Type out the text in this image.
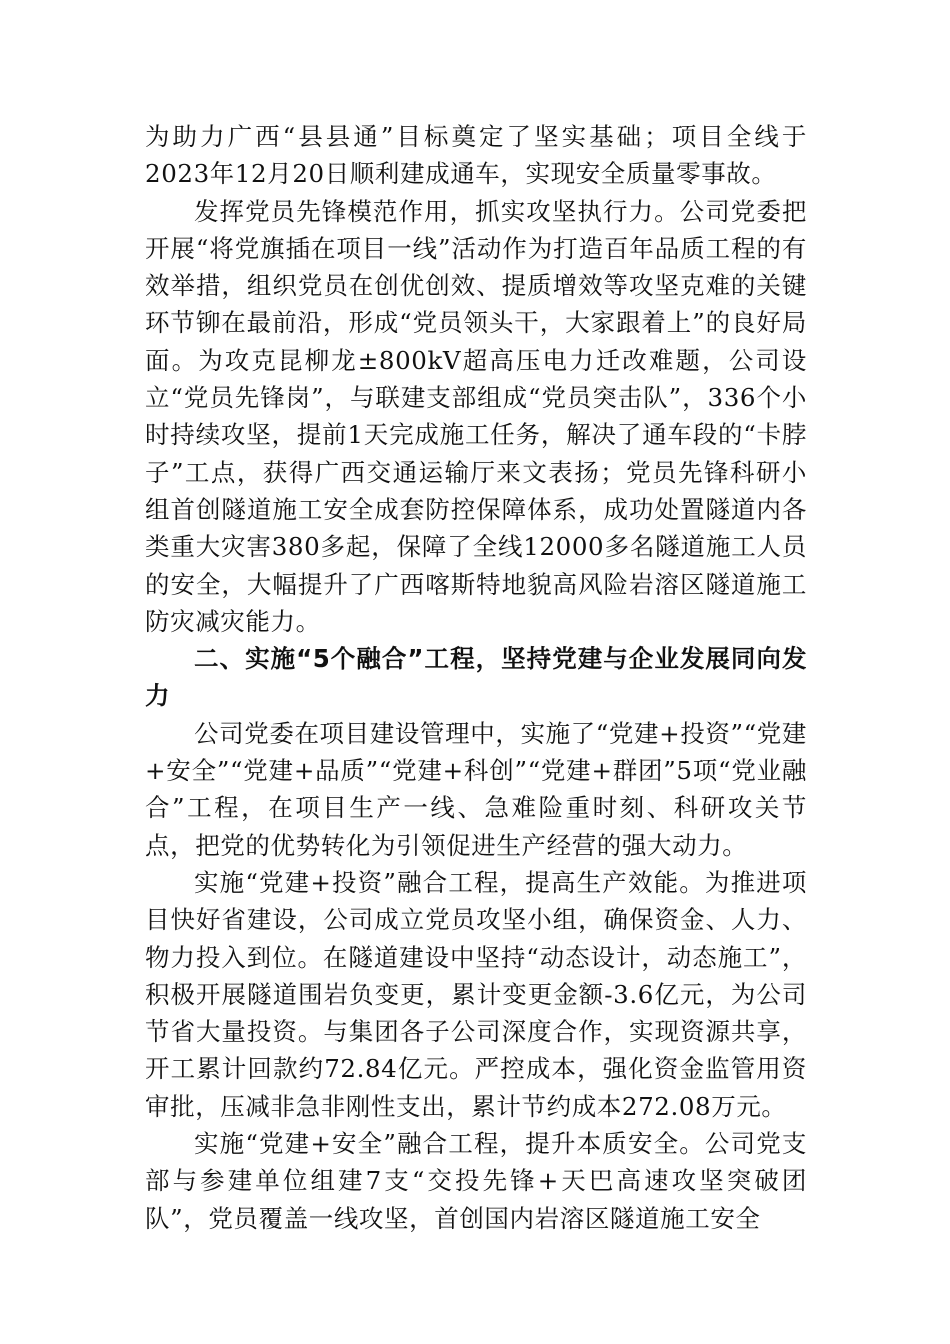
为助力广西“县县通”目标奠定了坚实基础；项目全线于2023年12月20日顺利建成通车，实现安全质量零事故。

发挥党员先锋模范作用，抓实攻坚执行力。公司党委把开展“将党旗插在项目一线”活动作为打造百年品质工程的有效举措，组织党员在创优创效、提质增效等攻坚克难的关键环节铆在最前沿，形成“党员领头干，大家跟着上”的良好局面。为攻克昆柳龙±800kV超高压电力迁改难题，公司设立“党员先锋岗”，与联建支部组成“党员突击队”，336个小时持续攻坚，提前1天完成施工任务，解决了通车段的“卡脖子”工点，获得广西交通运输厅来文表扬；党员先锋科研小组首创隧道施工安全成套防控保障体系，成功处置隧道内各类重大灾害380多起，保障了全线12000多名隧道施工人员的安全，大幅提升了广西喀斯特地貌高风险岩溶区隧道施工防灾减灾能力。

二、实施“5个融合”工程，坚持党建与企业发展同向发力

公司党委在项目建设管理中，实施了“党建+投资”“党建+安全”“党建+品质”“党建+科创”“党建+群团”5项“党业融合”工程，在项目生产一线、急难险重时刻、科研攻关节点，把党的优势转化为引领促进生产经营的强大动力。

实施“党建+投资”融合工程，提高生产效能。为推进项目快好省建设，公司成立党员攻坚小组，确保资金、人力、物力投入到位。在隧道建设中坚持“动态设计，动态施工”，积极开展隧道围岩负变更，累计变更金额-3.6亿元，为公司节省大量投资。与集团各子公司深度合作，实现资源共享，开工累计回款约72.84亿元。严控成本，强化资金监管用资审批，压减非急非刚性支出，累计节约成本272.08万元。

实施“党建+安全”融合工程，提升本质安全。公司党支部与参建单位组建7支“交投先锋+天巴高速攻坚突破团队”，党员覆盖一线攻坚，首创国内岩溶区隧道施工安全
